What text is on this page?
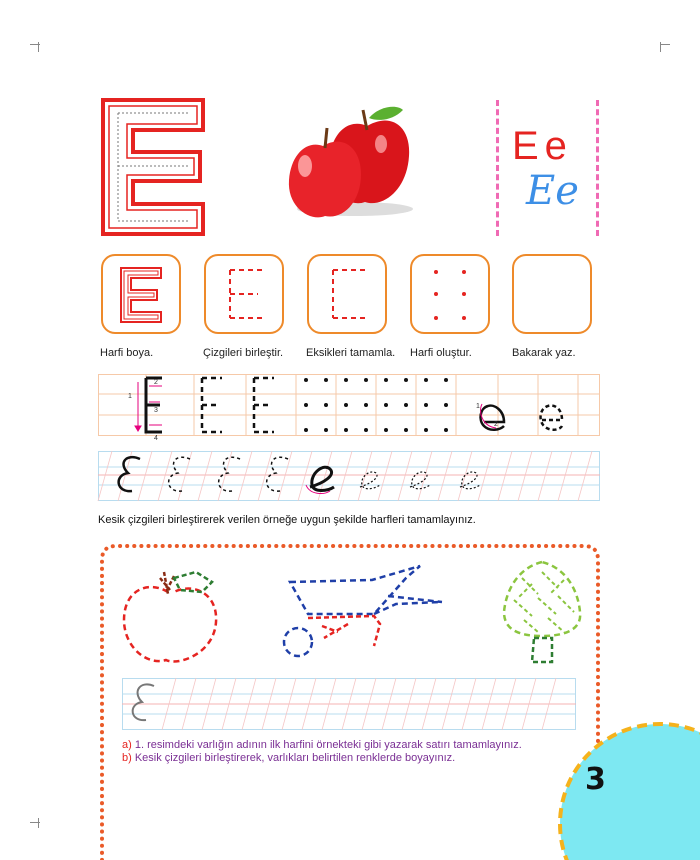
Ee
Ee
Harfi boya.	Çizgileri birleştir. Eksikleri tamamla. Harfi oluştur.	Bakarak yaz.
1
2
3
4
1
2
Kesik çizgileri birleştirerek verilen örneğe uygun şekilde harfleri tamamlayınız.
a) 1. resimdeki varlığın adının ilk harfini örnekteki gibi yazarak satırı tamamlayınız.
b) Kesik çizgileri birleştirerek, varlıkları belirtilen renklerde boyayınız.
3
